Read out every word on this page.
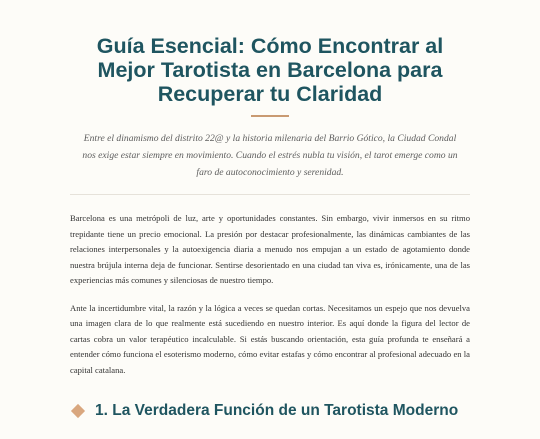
Guía Esencial: Cómo Encontrar al Mejor Tarotista en Barcelona para Recuperar tu Claridad

Entre el dinamismo del distrito 22@ y la historia milenaria del Barrio Gótico, la Ciudad Condal nos exige estar siempre en movimiento. Cuando el estrés nubla tu visión, el tarot emerge como un faro de autoconocimiento y serenidad.

Barcelona es una metrópoli de luz, arte y oportunidades constantes. Sin embargo, vivir inmersos en su ritmo trepidante tiene un precio emocional. La presión por destacar profesionalmente, las dinámicas cambiantes de las relaciones interpersonales y la autoexigencia diaria a menudo nos empujan a un estado de agotamiento donde nuestra brújula interna deja de funcionar. Sentirse desorientado en una ciudad tan viva es, irónicamente, una de las experiencias más comunes y silenciosas de nuestro tiempo.

Ante la incertidumbre vital, la razón y la lógica a veces se quedan cortas. Necesitamos un espejo que nos devuelva una imagen clara de lo que realmente está sucediendo en nuestro interior. Es aquí donde la figura del lector de cartas cobra un valor terapéutico incalculable. Si estás buscando orientación, esta guía profunda te enseñará a entender cómo funciona el esoterismo moderno, cómo evitar estafas y cómo encontrar al profesional adecuado en la capital catalana.

1. La Verdadera Función de un Tarotista Moderno
